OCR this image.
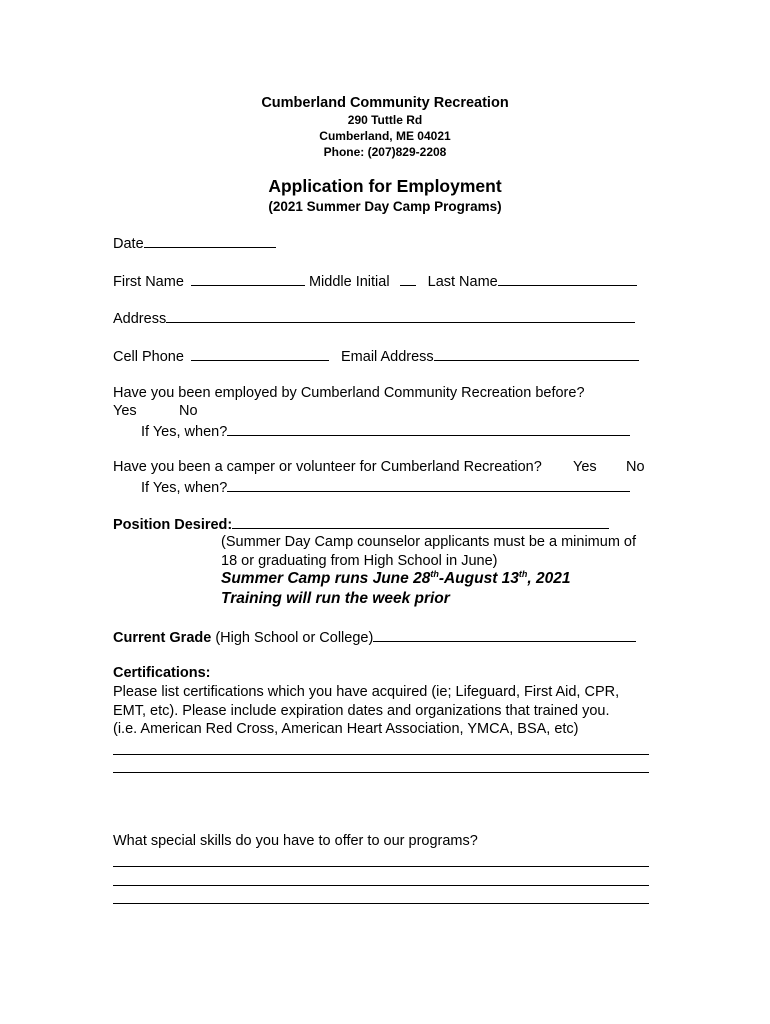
Cumberland Community Recreation
290 Tuttle Rd
Cumberland, ME 04021
Phone: (207)829-2208
Application for Employment
(2021 Summer Day Camp Programs)
Date
First Name	Middle Initial	Last Name
Address
Cell Phone	Email Address
Have you been employed by Cumberland Community Recreation before?
Yes	No
If Yes, when?
Have you been a camper or volunteer for Cumberland Recreation? Yes No
If Yes, when?
Position Desired:
(Summer Day Camp counselor applicants must be a minimum of
18 or graduating from High School in June)
Summer Camp runs June 28th-August 13th, 2021
Training will run the week prior
Current Grade (High School or College)
Certifications:
Please list certifications which you have acquired (ie; Lifeguard, First Aid, CPR,
EMT, etc). Please include expiration dates and organizations that trained you.
(i.e. American Red Cross, American Heart Association, YMCA, BSA, etc)
What special skills do you have to offer to our programs?
